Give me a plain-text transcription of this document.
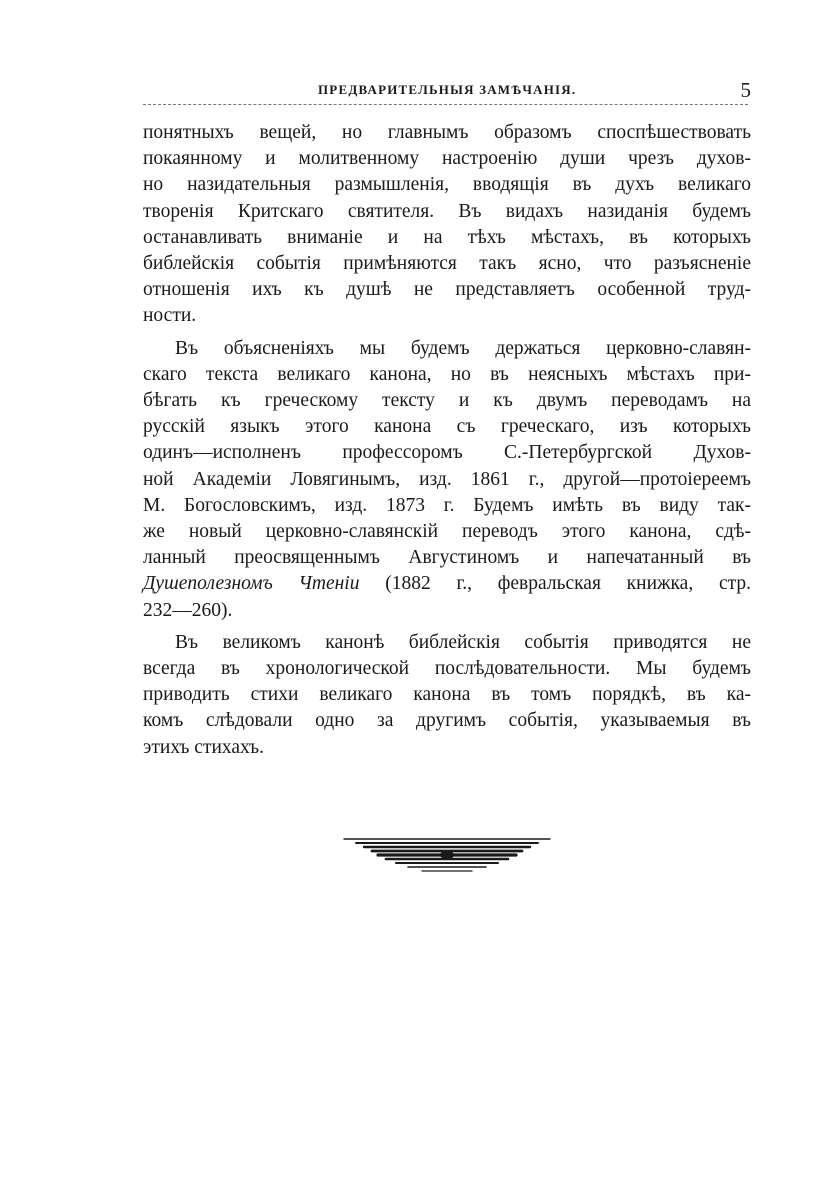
ПРЕДВАРИТЕЛЬНЫЯ ЗАМѢЧАНІЯ.	5

понятныхъ вещей, но главнымъ образомъ споспѣшествовать
покаянному и молитвенному настроенію души чрезъ духов-
но назидательныя размышленія, вводящія въ духъ великаго
творенія Критскаго святителя. Въ видахъ назиданія будемъ
останавливать вниманіе и на тѣхъ мѣстахъ, въ которыхъ
библейскія событія примѣняются такъ ясно, что разъясненіе
отношенія ихъ къ душѣ не представляетъ особенной труд-
ности.

Въ объясненіяхъ мы будемъ держаться церковно-славян-
скаго текста великаго канона, но въ неясныхъ мѣстахъ при-
бѣгать къ греческому тексту и къ двумъ переводамъ на
русскій языкъ этого канона съ греческаго, изъ которыхъ
одинъ—исполненъ профессоромъ С.-Петербургской Духов-
ной Академіи Ловягинымъ, изд. 1861 г., другой—протоіереемъ
М. Богословскимъ, изд. 1873 г. Будемъ имѣть въ виду так-
же новый церковно-славянскій переводъ этого канона, сдѣ-
ланный преосвященнымъ Августиномъ и напечатанный въ
Душеполезномъ Чтеніи (1882 г., февральская книжка, стр.
232—260).

Въ великомъ канонѣ библейскія событія приводятся не
всегда въ хронологической послѣдовательности. Мы будемъ
приводить стихи великаго канона въ томъ порядкѣ, въ ка-
комъ слѣдовали одно за другимъ событія, указываемыя въ
этихъ стихахъ.
